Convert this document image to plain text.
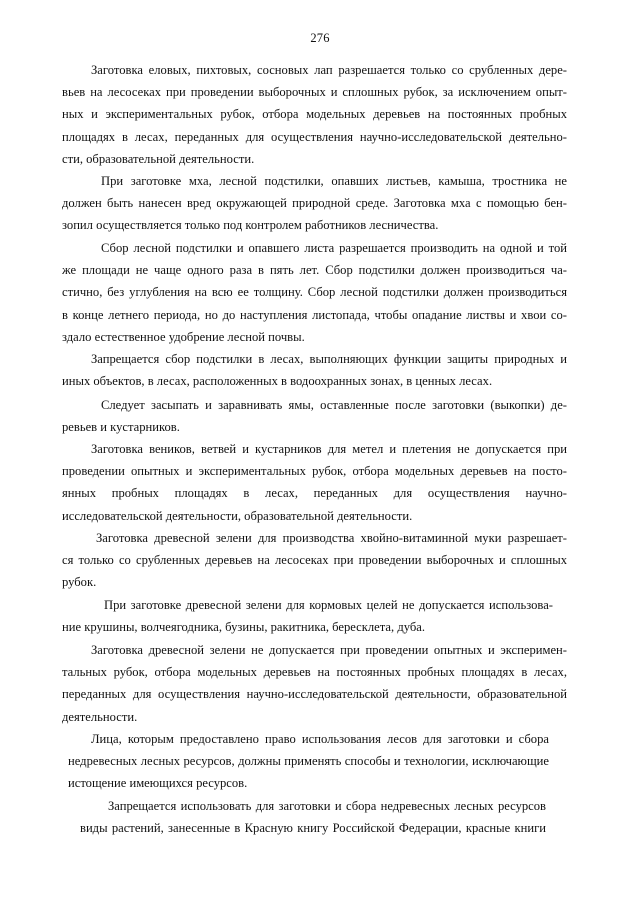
276
Заготовка еловых, пихтовых, сосновых лап разрешается только со срубленных дере-
вьев на лесосеках при проведении выборочных и сплошных рубок, за исключением опыт-
ных и экспериментальных рубок, отбора модельных деревьев на постоянных пробных
площадях в лесах, переданных для осуществления научно-исследовательской деятельно-
сти, образовательной деятельности.
При заготовке мха, лесной подстилки, опавших листьев, камыша, тростника не
должен быть нанесен вред окружающей природной среде. Заготовка мха с помощью бен-
зопил осуществляется только под контролем работников лесничества.
Сбор лесной подстилки и опавшего листа разрешается производить на одной и той
же площади не чаще одного раза в пять лет. Сбор подстилки должен производиться ча-
стично, без углубления на всю ее толщину. Сбор лесной подстилки должен производиться
в конце летнего периода, но до наступления листопада, чтобы опадание листвы и хвои со-
здало естественное удобрение лесной почвы.
Запрещается сбор подстилки в лесах, выполняющих функции защиты природных и
иных объектов, в лесах, расположенных в водоохранных зонах, в ценных лесах.
Следует засыпать и заравнивать ямы, оставленные после заготовки (выкопки) де-
ревьев и кустарников.
Заготовка веников, ветвей и кустарников для метел и плетения не допускается при
проведении опытных и экспериментальных рубок, отбора модельных деревьев на посто-
янных пробных площадях в лесах, переданных для осуществления научно-
исследовательской деятельности, образовательной деятельности.
Заготовка древесной зелени для производства хвойно-витаминной муки разрешает-
ся только со срубленных деревьев на лесосеках при проведении выборочных и сплошных
рубок.
При заготовке древесной зелени для кормовых целей не допускается использова-
ние крушины, волчеягодника, бузины, ракитника, бересклета, дуба.
Заготовка древесной зелени не допускается при проведении опытных и эксперимен-
тальных рубок, отбора модельных деревьев на постоянных пробных площадях в лесах,
переданных для осуществления научно-исследовательской деятельности, образовательной
деятельности.
Лица, которым предоставлено право использования лесов для заготовки и сбора
недревесных лесных ресурсов, должны применять способы и технологии, исключающие
истощение имеющихся ресурсов.
Запрещается использовать для заготовки и сбора недревесных лесных ресурсов
виды растений, занесенные в Красную книгу Российской Федерации, красные книги
